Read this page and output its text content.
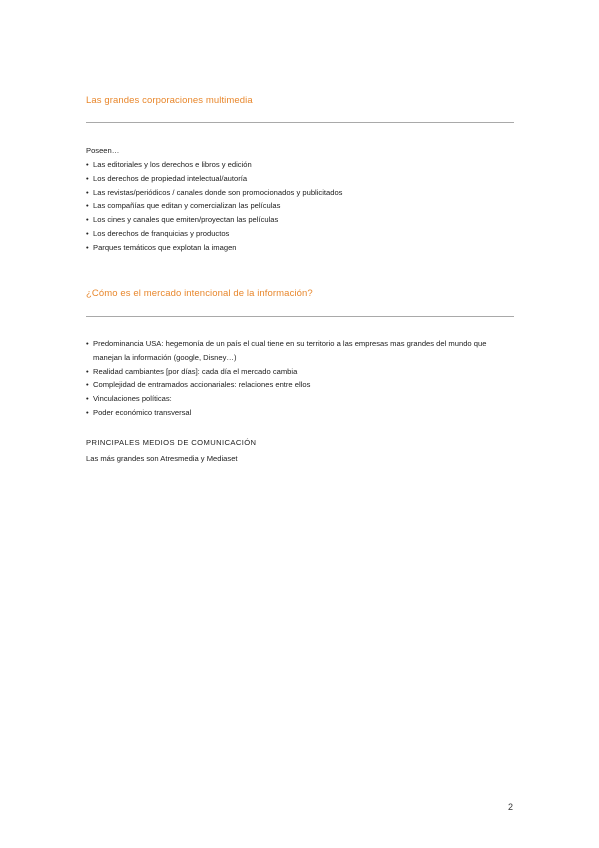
Las grandes corporaciones multimedia
Poseen…
• Las editoriales y los derechos e libros y edición
• Los derechos de propiedad intelectual/autoría
• Las revistas/periódicos / canales donde son promocionados y publicitados
• Las compañías que editan y comercializan las películas
• Los cines y canales que emiten/proyectan las películas
• Los derechos de franquicias y productos
• Parques temáticos que explotan la imagen
¿Cómo es el mercado intencional de la información?
• Predominancia USA: hegemonía de un país el cual tiene en su territorio a las empresas mas grandes del mundo que manejan la información (google, Disney…)
• Realidad cambiantes [por días]: cada día el mercado cambia
• Complejidad de entramados accionariales: relaciones entre ellos
• Vinculaciones políticas:
• Poder económico transversal
PRINCIPALES MEDIOS DE COMUNICACIÓN
Las más grandes son Atresmedia y Mediaset
2
